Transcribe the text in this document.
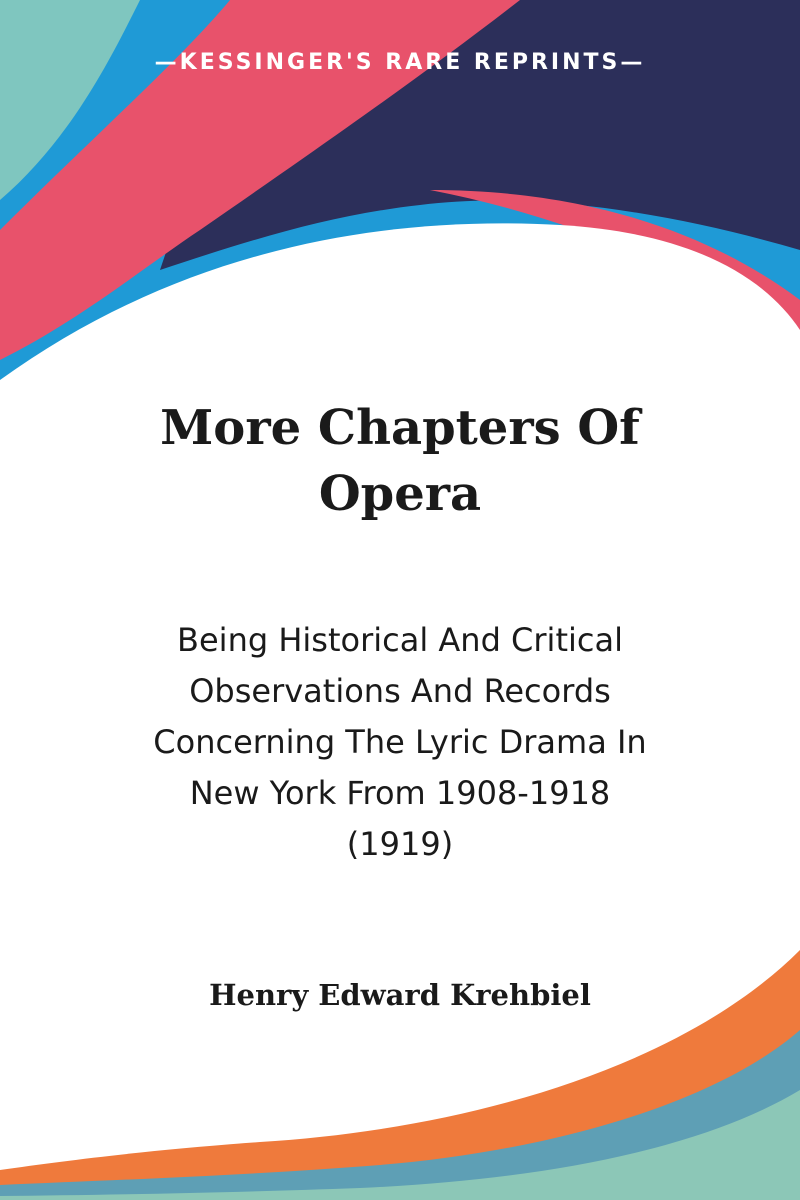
—KESSINGER'S RARE REPRINTS—
More Chapters Of
Opera
Being Historical And Critical
Observations And Records
Concerning The Lyric Drama In
New York From 1908-1918
(1919)
Henry Edward Krehbiel
